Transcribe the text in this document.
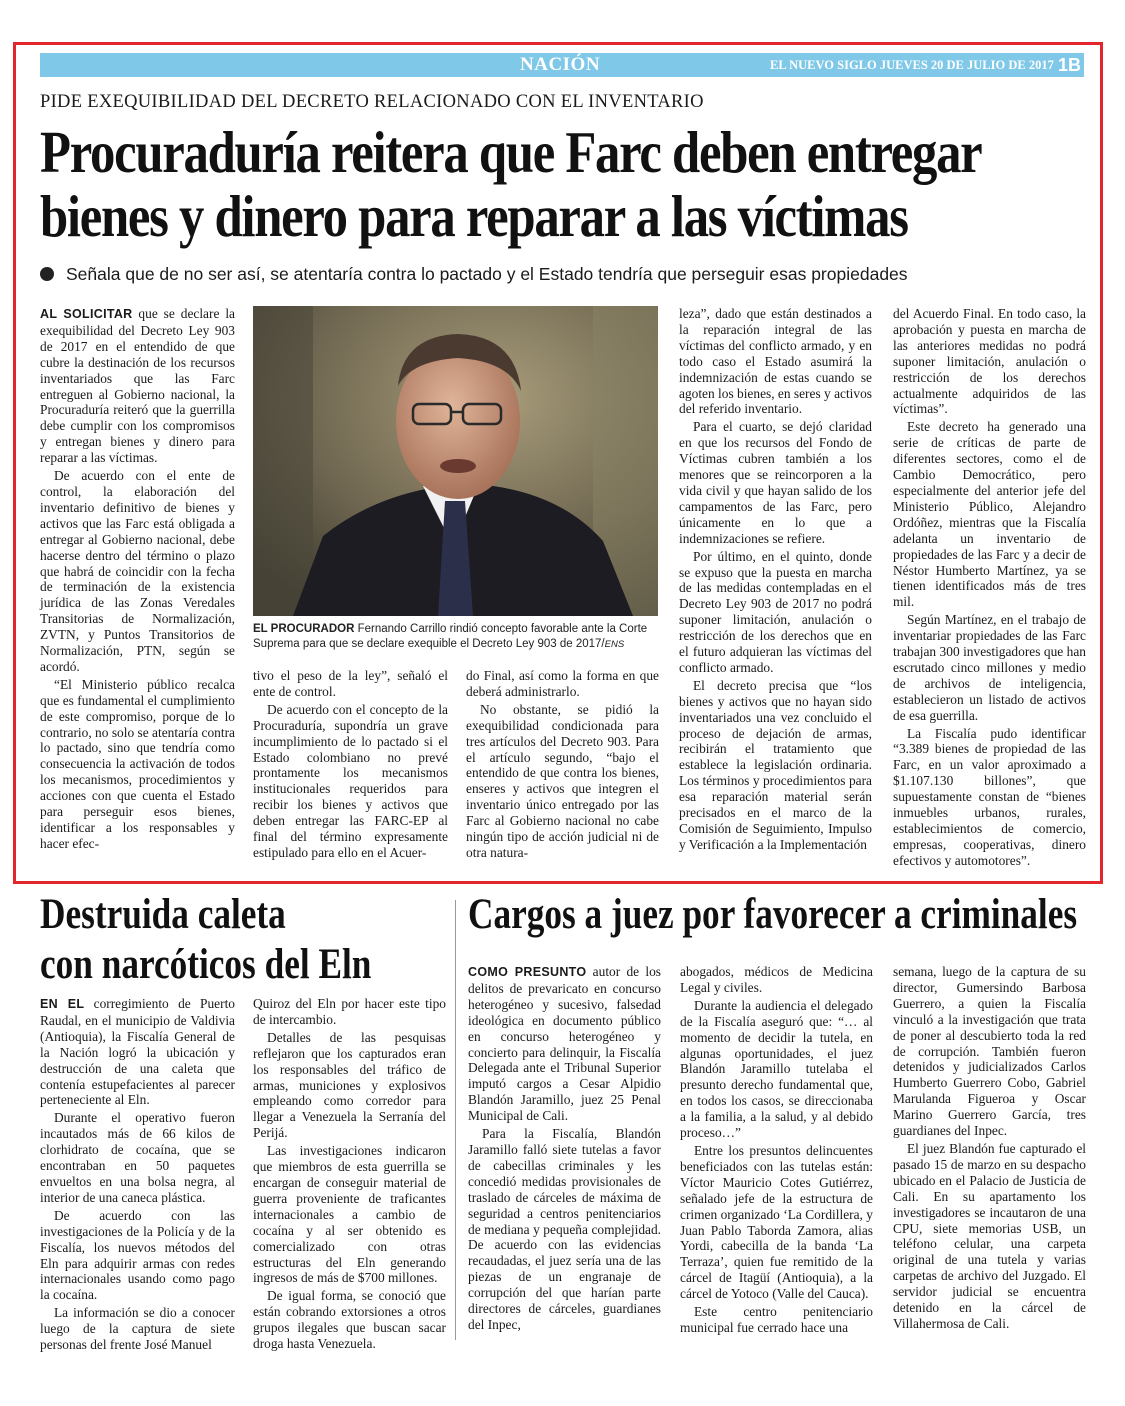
NACIÓN	EL NUEVO SIGLO JUEVES 20 DE JULIO DE 2017 1B
PIDE EXEQUIBILIDAD DEL DECRETO RELACIONADO CON EL INVENTARIO
Procuraduría reitera que Farc deben entregar
bienes y dinero para reparar a las víctimas
Señala que de no ser así, se atentaría contra lo pactado y el Estado tendría que perseguir esas propiedades

AL SOLICITAR que se declare la exequibilidad del Decreto Ley 903 de 2017 en el entendido de que cubre la destinación de los recursos inventariados que las Farc entreguen al Gobierno nacional, la Procuraduría reiteró que la guerrilla debe cumplir con los compromisos y entregan bienes y dinero para reparar a las víctimas.

De acuerdo con el ente de control, la elaboración del inventario definitivo de bienes y activos que las Farc está obligada a entregar al Gobierno nacional, debe hacerse dentro del término o plazo que habrá de coincidir con la fecha de terminación de la existencia jurídica de las Zonas Veredales Transitorias de Normalización, ZVTN, y Puntos Transitorios de Normalización, PTN, según se acordó.

“El Ministerio público recalca que es fundamental el cumplimiento de este compromiso, porque de lo contrario, no solo se atentaría contra lo pactado, sino que tendría como consecuencia la activación de todos los mecanismos, procedimientos y acciones con que cuenta el Estado para perseguir esos bienes, identificar a los responsables y hacer efec-

EL PROCURADOR Fernando Carrillo rindió concepto favorable ante la Corte Suprema para que se declare exequible el Decreto Ley 903 de 2017/ENS

tivo el peso de la ley”, señaló el ente de control.

De acuerdo con el concepto de la Procuraduría, supondría un grave incumplimiento de lo pactado si el Estado colombiano no prevé prontamente los mecanismos institucionales requeridos para recibir los bienes y activos que deben entregar las FARC-EP al final del término expresamente estipulado para ello en el Acuer-

do Final, así como la forma en que deberá administrarlo.

No obstante, se pidió la exequibilidad condicionada para tres artículos del Decreto 903. Para el artículo segundo, “bajo el entendido de que contra los bienes, enseres y activos que integren el inventario único entregado por las Farc al Gobierno nacional no cabe ningún tipo de acción judicial ni de otra natura-

leza”, dado que están destinados a la reparación integral de las víctimas del conflicto armado, y en todo caso el Estado asumirá la indemnización de estas cuando se agoten los bienes, en seres y activos del referido inventario.

Para el cuarto, se dejó claridad en que los recursos del Fondo de Víctimas cubren también a los menores que se reincorporen a la vida civil y que hayan salido de los campamentos de las Farc, pero únicamente en lo que a indemnizaciones se refiere.

Por último, en el quinto, donde se expuso que la puesta en marcha de las medidas contempladas en el Decreto Ley 903 de 2017 no podrá suponer limitación, anulación o restricción de los derechos que en el futuro adquieran las víctimas del conflicto armado.

El decreto precisa que “los bienes y activos que no hayan sido inventariados una vez concluido el proceso de dejación de armas, recibirán el tratamiento que establece la legislación ordinaria. Los términos y procedimientos para esa reparación material serán precisados en el marco de la Comisión de Seguimiento, Impulso y Verificación a la Implementación

del Acuerdo Final. En todo caso, la aprobación y puesta en marcha de las anteriores medidas no podrá suponer limitación, anulación o restricción de los derechos actualmente adquiridos de las víctimas”.

Este decreto ha generado una serie de críticas de parte de diferentes sectores, como el de Cambio Democrático, pero especialmente del anterior jefe del Ministerio Público, Alejandro Ordóñez, mientras que la Fiscalía adelanta un inventario de propiedades de las Farc y a decir de Néstor Humberto Martínez, ya se tienen identificados más de tres mil.

Según Martínez, en el trabajo de inventariar propiedades de las Farc trabajan 300 investigadores que han escrutado cinco millones y medio de archivos de inteligencia, establecieron un listado de activos de esa guerrilla.

La Fiscalía pudo identificar “3.389 bienes de propiedad de las Farc, en un valor aproximado a $1.107.130 billones”, que supuestamente constan de “bienes inmuebles urbanos, rurales, establecimientos de comercio, empresas, cooperativas, dinero efectivos y automotores”.

Destruida caleta
con narcóticos del Eln

EN EL corregimiento de Puerto Raudal, en el municipio de Valdivia (Antioquia), la Fiscalía General de la Nación logró la ubicación y destrucción de una caleta que contenía estupefacientes al parecer perteneciente al Eln.

Durante el operativo fueron incautados más de 66 kilos de clorhidrato de cocaína, que se encontraban en 50 paquetes envueltos en una bolsa negra, al interior de una caneca plástica.

De acuerdo con las investigaciones de la Policía y de la Fiscalía, los nuevos métodos del Eln para adquirir armas con redes internacionales usando como pago la cocaína.

La información se dio a conocer luego de la captura de siete personas del frente José Manuel

Quiroz del Eln por hacer este tipo de intercambio.

Detalles de las pesquisas reflejaron que los capturados eran los responsables del tráfico de armas, municiones y explosivos empleando como corredor para llegar a Venezuela la Serranía del Perijá.

Las investigaciones indicaron que miembros de esta guerrilla se encargan de conseguir material de guerra proveniente de traficantes internacionales a cambio de cocaína y al ser obtenido es comercializado con otras estructuras del Eln generando ingresos de más de $700 millones.

De igual forma, se conoció que están cobrando extorsiones a otros grupos ilegales que buscan sacar droga hasta Venezuela.

Cargos a juez por favorecer a criminales

COMO PRESUNTO autor de los delitos de prevaricato en concurso heterogéneo y sucesivo, falsedad ideológica en documento público en concurso heterogéneo y concierto para delinquir, la Fiscalía Delegada ante el Tribunal Superior imputó cargos a Cesar Alpidio Blandón Jaramillo, juez 25 Penal Municipal de Cali.

Para la Fiscalía, Blandón Jaramillo falló siete tutelas a favor de cabecillas criminales y les concedió medidas provisionales de traslado de cárceles de máxima de seguridad a centros penitenciarios de mediana y pequeña complejidad. De acuerdo con las evidencias recaudadas, el juez sería una de las piezas de un engranaje de corrupción del que harían parte directores de cárceles, guardianes del Inpec,

abogados, médicos de Medicina Legal y civiles.

Durante la audiencia el delegado de la Fiscalía aseguró que: “… al momento de decidir la tutela, en algunas oportunidades, el juez Blandón Jaramillo tutelaba el presunto derecho fundamental que, en todos los casos, se direccionaba a la familia, a la salud, y al debido proceso…”

Entre los presuntos delincuentes beneficiados con las tutelas están: Víctor Mauricio Cotes Gutiérrez, señalado jefe de la estructura de crimen organizado ‘La Cordillera, y Juan Pablo Taborda Zamora, alias Yordi, cabecilla de la banda ‘La Terraza’, quien fue remitido de la cárcel de Itagüí (Antioquia), a la cárcel de Yotoco (Valle del Cauca).

Este centro penitenciario municipal fue cerrado hace una

semana, luego de la captura de su director, Gumersindo Barbosa Guerrero, a quien la Fiscalía vinculó a la investigación que trata de poner al descubierto toda la red de corrupción. También fueron detenidos y judicializados Carlos Humberto Guerrero Cobo, Gabriel Marulanda Figueroa y Oscar Marino Guerrero García, tres guardianes del Inpec.

El juez Blandón fue capturado el pasado 15 de marzo en su despacho ubicado en el Palacio de Justicia de Cali. En su apartamento los investigadores se incautaron de una CPU, siete memorias USB, un teléfono celular, una carpeta original de una tutela y varias carpetas de archivo del Juzgado. El servidor judicial se encuentra detenido en la cárcel de Villahermosa de Cali.
